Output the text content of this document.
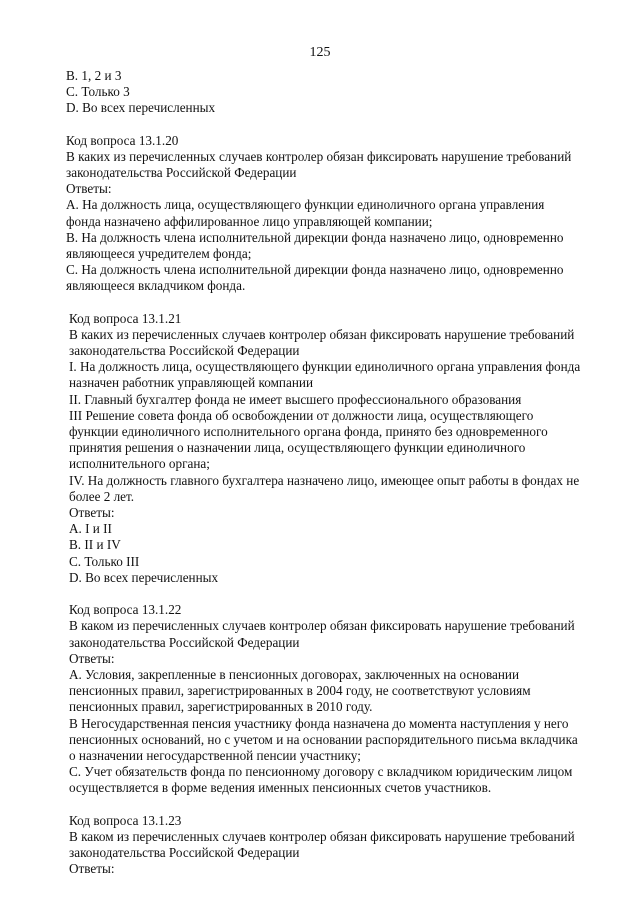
125
B. 1, 2 и 3
C. Только 3
D. Во всех перечисленных
Код вопроса 13.1.20
В каких из перечисленных случаев контролер обязан фиксировать нарушение требований
законодательства Российской Федерации
Ответы:
А. На должность лица, осуществляющего функции единоличного органа управления
фонда назначено аффилированное лицо управляющей компании;
B. На должность члена исполнительной дирекции фонда назначено лицо, одновременно
являющееся учредителем фонда;
C. На должность члена исполнительной дирекции фонда назначено лицо, одновременно
являющееся вкладчиком фонда.
Код вопроса 13.1.21
В каких из перечисленных случаев контролер обязан фиксировать нарушение требований
законодательства Российской Федерации
I. На должность лица, осуществляющего функции единоличного органа управления фонда
назначен работник управляющей компании
II. Главный бухгалтер фонда не имеет высшего профессионального образования
III Решение совета фонда об освобождении от должности лица, осуществляющего
функции единоличного исполнительного органа фонда, принято без одновременного
принятия решения о назначении лица, осуществляющего функции единоличного
исполнительного органа;
IV. На должность главного бухгалтера назначено лицо, имеющее опыт работы в фондах не
более 2 лет.
Ответы:
A. I и II
B. II и IV
C. Только III
D. Во всех перечисленных
Код вопроса 13.1.22
В каком из перечисленных случаев контролер обязан фиксировать нарушение требований
законодательства Российской Федерации
Ответы:
А. Условия, закрепленные в пенсионных договорах, заключенных на основании
пенсионных правил, зарегистрированных в 2004 году, не соответствуют условиям
пенсионных правил, зарегистрированных в 2010 году.
В Негосударственная пенсия участнику фонда назначена до момента наступления у него
пенсионных оснований, но с учетом и на основании распорядительного письма вкладчика
о назначении негосударственной пенсии участнику;
С. Учет обязательств фонда по пенсионному договору с вкладчиком юридическим лицом
осуществляется в форме ведения именных пенсионных счетов участников.
Код вопроса 13.1.23
В каком из перечисленных случаев контролер обязан фиксировать нарушение требований
законодательства Российской Федерации
Ответы:
